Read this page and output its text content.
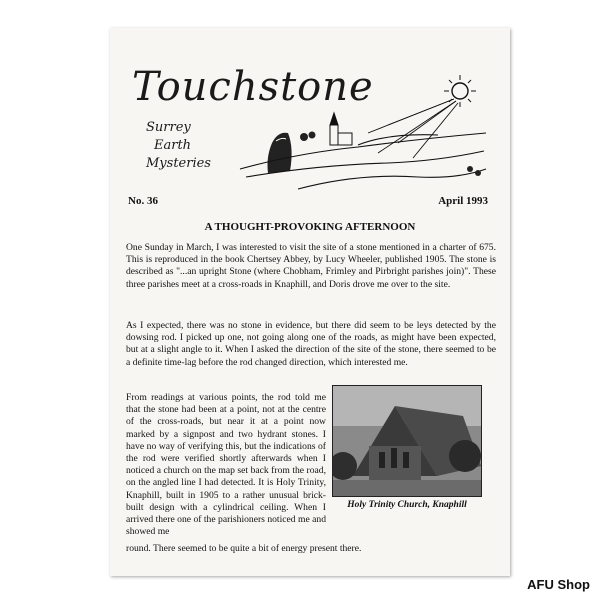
Touchstone
Surrey
Earth
Mysteries
No. 36	April 1993
A THOUGHT-PROVOKING AFTERNOON

One Sunday in March, I was interested to visit the site of a stone mentioned in a charter of 675. This is reproduced in the book Chertsey Abbey, by Lucy Wheeler, published 1905. The stone is described as "...an upright Stone (where Chobham, Frimley and Pirbright parishes join)". These three parishes meet at a cross-roads in Knaphill, and Doris drove me over to the site.

As I expected, there was no stone in evidence, but there did seem to be leys detected by the dowsing rod. I picked up one, not going along one of the roads, as might have been expected, but at a slight angle to it. When I asked the direction of the site of the stone, there seemed to be a definite time-lag before the rod changed direction, which interested me.

From readings at various points, the rod told me that the stone had been at a point, not at the centre of the cross-roads, but near it at a point now marked by a signpost and two hydrant stones. I have no way of verifying this, but the indications of the rod were verified shortly afterwards when I noticed a church on the map set back from the road, on the angled line I had detected. It is Holy Trinity, Knaphill, built in 1905 to a rather unusual brick-built design with a cylindrical ceiling. When I arrived there one of the parishioners noticed me and showed me

round. There seemed to be quite a bit of energy present there.

Holy Trinity Church, Knaphill
AFU Shop
